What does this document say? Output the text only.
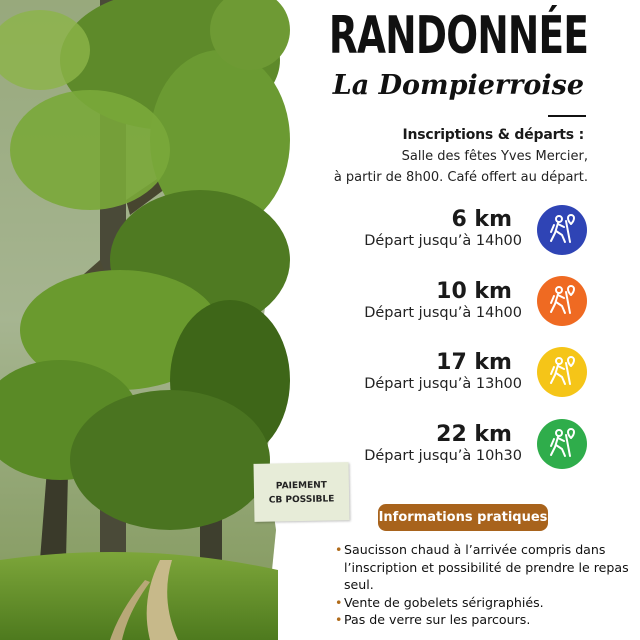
RANDONNÉE
La Dompierroise
Inscriptions & départs :
Salle des fêtes Yves Mercier,
à partir de 8h00. Café offert au départ.
6 km
Départ jusqu’à 14h00
10 km
Départ jusqu’à 14h00
17 km
Départ jusqu’à 13h00
22 km
Départ jusqu’à 10h30
PAIEMENT
CB POSSIBLE
Informations pratiques
• Saucisson chaud à l’arrivée compris dans l’inscription et possibilité de prendre le repas seul.
• Vente de gobelets sérigraphiés.
• Pas de verre sur les parcours.
